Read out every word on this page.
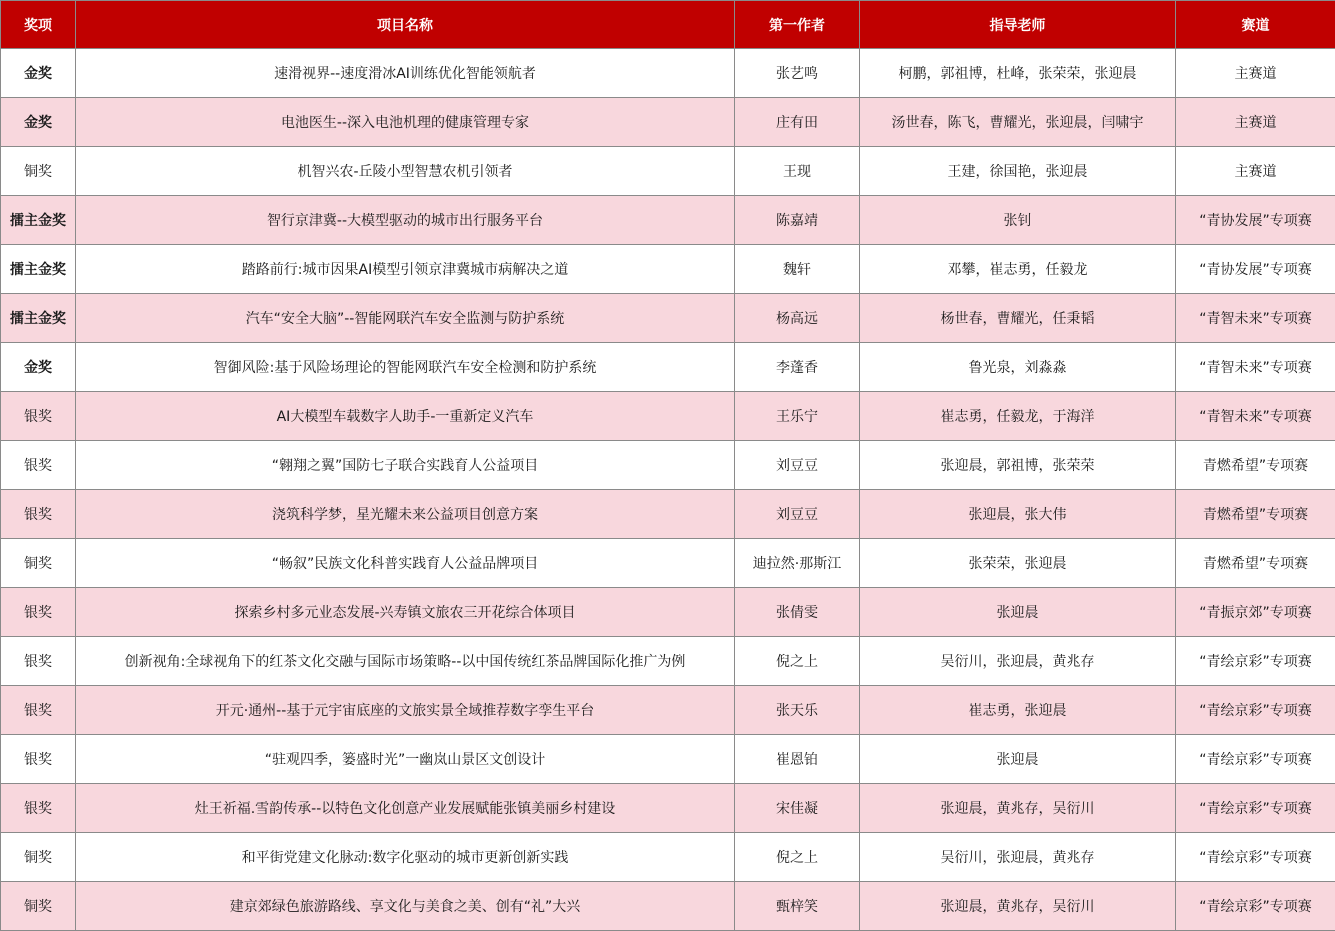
奖项	项目名称	第一作者	指导老师	赛道
金奖	速滑视界--速度滑冰AI训练优化智能领航者	张艺鸣	柯鹏，郭祖博，杜峰，张荣荣，张迎晨	主赛道
金奖	电池医生--深入电池机理的健康管理专家	庄有田	汤世春，陈飞，曹耀光，张迎晨，闫啸宇	主赛道
铜奖	机智兴农-丘陵小型智慧农机引领者	王现	王建，徐国艳，张迎晨	主赛道
擂主金奖	智行京津冀--大模型驱动的城市出行服务平台	陈嘉靖	张钊	“青协发展”专项赛
擂主金奖	踏路前行:城市因果AI模型引领京津冀城市病解决之道	魏轩	邓攀，崔志勇，任毅龙	“青协发展”专项赛
擂主金奖	汽车“安全大脑”--智能网联汽车安全监测与防护系统	杨高远	杨世春，曹耀光，任秉韬	“青智未来”专项赛
金奖	智御风险:基于风险场理论的智能网联汽车安全检测和防护系统	李蓬香	鲁光泉，刘淼淼	“青智未来”专项赛
银奖	AI大模型车载数字人助手-一重新定义汽车	王乐宁	崔志勇，任毅龙，于海洋	“青智未来”专项赛
银奖	“翱翔之翼”国防七子联合实践育人公益项目	刘豆豆	张迎晨，郭祖博，张荣荣	青燃希望”专项赛
银奖	浇筑科学梦，星光耀未来公益项目创意方案	刘豆豆	张迎晨，张大伟	青燃希望”专项赛
铜奖	“畅叙”民族文化科普实践育人公益品牌项目	迪拉然·那斯江	张荣荣，张迎晨	青燃希望”专项赛
银奖	探索乡村多元业态发展-兴寿镇文旅农三开花综合体项目	张倩雯	张迎晨	“青振京郊”专项赛
银奖	创新视角:全球视角下的红茶文化交融与国际市场策略--以中国传统红茶品牌国际化推广为例	倪之上	吴衍川，张迎晨，黄兆存	“青绘京彩”专项赛
银奖	开元·通州--基于元宇宙底座的文旅实景全域推荐数字孪生平台	张天乐	崔志勇，张迎晨	“青绘京彩”专项赛
银奖	“驻观四季，篓盛时光”一幽岚山景区文创设计	崔恩铂	张迎晨	“青绘京彩”专项赛
银奖	灶王祈福.雪韵传承--以特色文化创意产业发展赋能张镇美丽乡村建设	宋佳凝	张迎晨，黄兆存，吴衍川	“青绘京彩”专项赛
铜奖	和平街党建文化脉动:数字化驱动的城市更新创新实践	倪之上	吴衍川，张迎晨，黄兆存	“青绘京彩”专项赛
铜奖	建京郊绿色旅游路线、享文化与美食之美、创有“礼”大兴	甄梓笑	张迎晨，黄兆存，吴衍川	“青绘京彩”专项赛
